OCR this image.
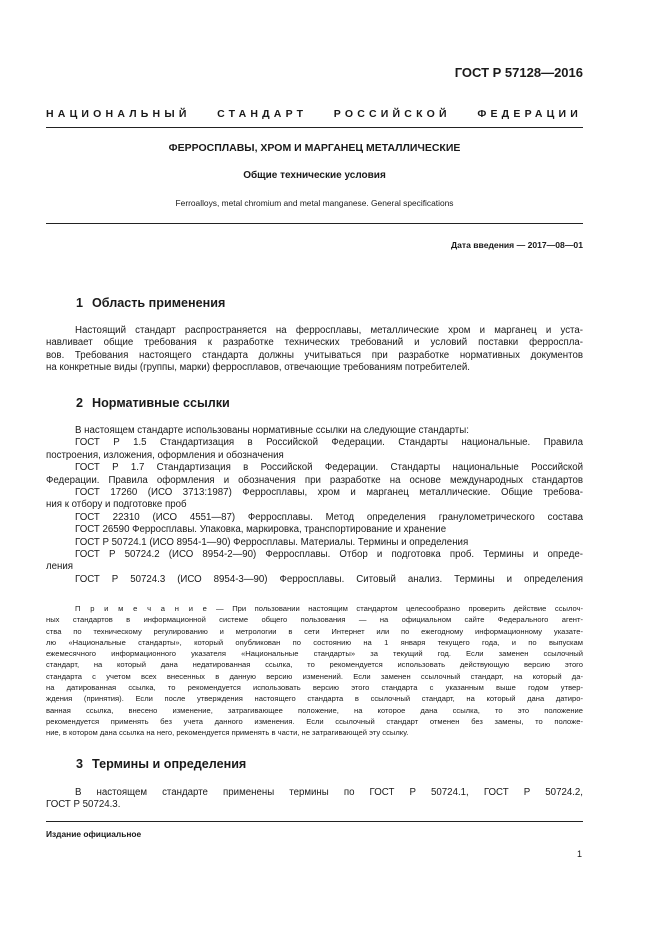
ГОСТ Р 57128—2016
НАЦИОНАЛЬНЫЙ СТАНДАРТ РОССИЙСКОЙ ФЕДЕРАЦИИ
ФЕРРОСПЛАВЫ, ХРОМ И МАРГАНЕЦ МЕТАЛЛИЧЕСКИЕ
Общие технические условия
Ferroalloys, metal chromium and metal manganese. General specifications
Дата введения — 2017—08—01
1 Область применения
Настоящий стандарт распространяется на ферросплавы, металлические хром и марганец и уста-
навливает общие требования к разработке технических требований и условий поставки ферроспла-
вов. Требования настоящего стандарта должны учитываться при разработке нормативных документов
на конкретные виды (группы, марки) ферросплавов, отвечающие требованиям потребителей.
2 Нормативные ссылки
В настоящем стандарте использованы нормативные ссылки на следующие стандарты:
ГОСТ Р 1.5 Стандартизация в Российской Федерации. Стандарты национальные. Правила
построения, изложения, оформления и обозначения
ГОСТ Р 1.7 Стандартизация в Российской Федерации. Стандарты национальные Российской
Федерации. Правила оформления и обозначения при разработке на основе международных стандартов
ГОСТ 17260 (ИСО 3713:1987) Ферросплавы, хром и марганец металлические. Общие требова-
ния к отбору и подготовке проб
ГОСТ 22310 (ИСО 4551—87) Ферросплавы. Метод определения гранулометрического состава
ГОСТ 26590 Ферросплавы. Упаковка, маркировка, транспортирование и хранение
ГОСТ Р 50724.1 (ИСО 8954-1—90) Ферросплавы. Материалы. Термины и определения
ГОСТ Р 50724.2 (ИСО 8954-2—90) Ферросплавы. Отбор и подготовка проб. Термины и опреде-
ления
ГОСТ Р 50724.3 (ИСО 8954-3—90) Ферросплавы. Ситовый анализ. Термины и определения
П р и м е ч а н и е — При пользовании настоящим стандартом целесообразно проверить действие ссылоч-
ных стандартов в информационной системе общего пользования — на официальном сайте Федерального агент-
ства по техническому регулированию и метрологии в сети Интернет или по ежегодному информационному указате-
лю «Национальные стандарты», который опубликован по состоянию на 1 января текущего года, и по выпускам
ежемесячного информационного указателя «Национальные стандарты» за текущий год. Если заменен ссылочный
стандарт, на который дана недатированная ссылка, то рекомендуется использовать действующую версию этого
стандарта с учетом всех внесенных в данную версию изменений. Если заменен ссылочный стандарт, на который да-
на датированная ссылка, то рекомендуется использовать версию этого стандарта с указанным выше годом утвер-
ждения (принятия). Если после утверждения настоящего стандарта в ссылочный стандарт, на который дана датиро-
ванная ссылка, внесено изменение, затрагивающее положение, на которое дана ссылка, то это положение
рекомендуется применять без учета данного изменения. Если ссылочный стандарт отменен без замены, то положе-
ние, в котором дана ссылка на него, рекомендуется применять в части, не затрагивающей эту ссылку.
3 Термины и определения
В настоящем стандарте применены термины по ГОСТ Р 50724.1, ГОСТ Р 50724.2,
ГОСТ Р 50724.3.
Издание официальное
1
